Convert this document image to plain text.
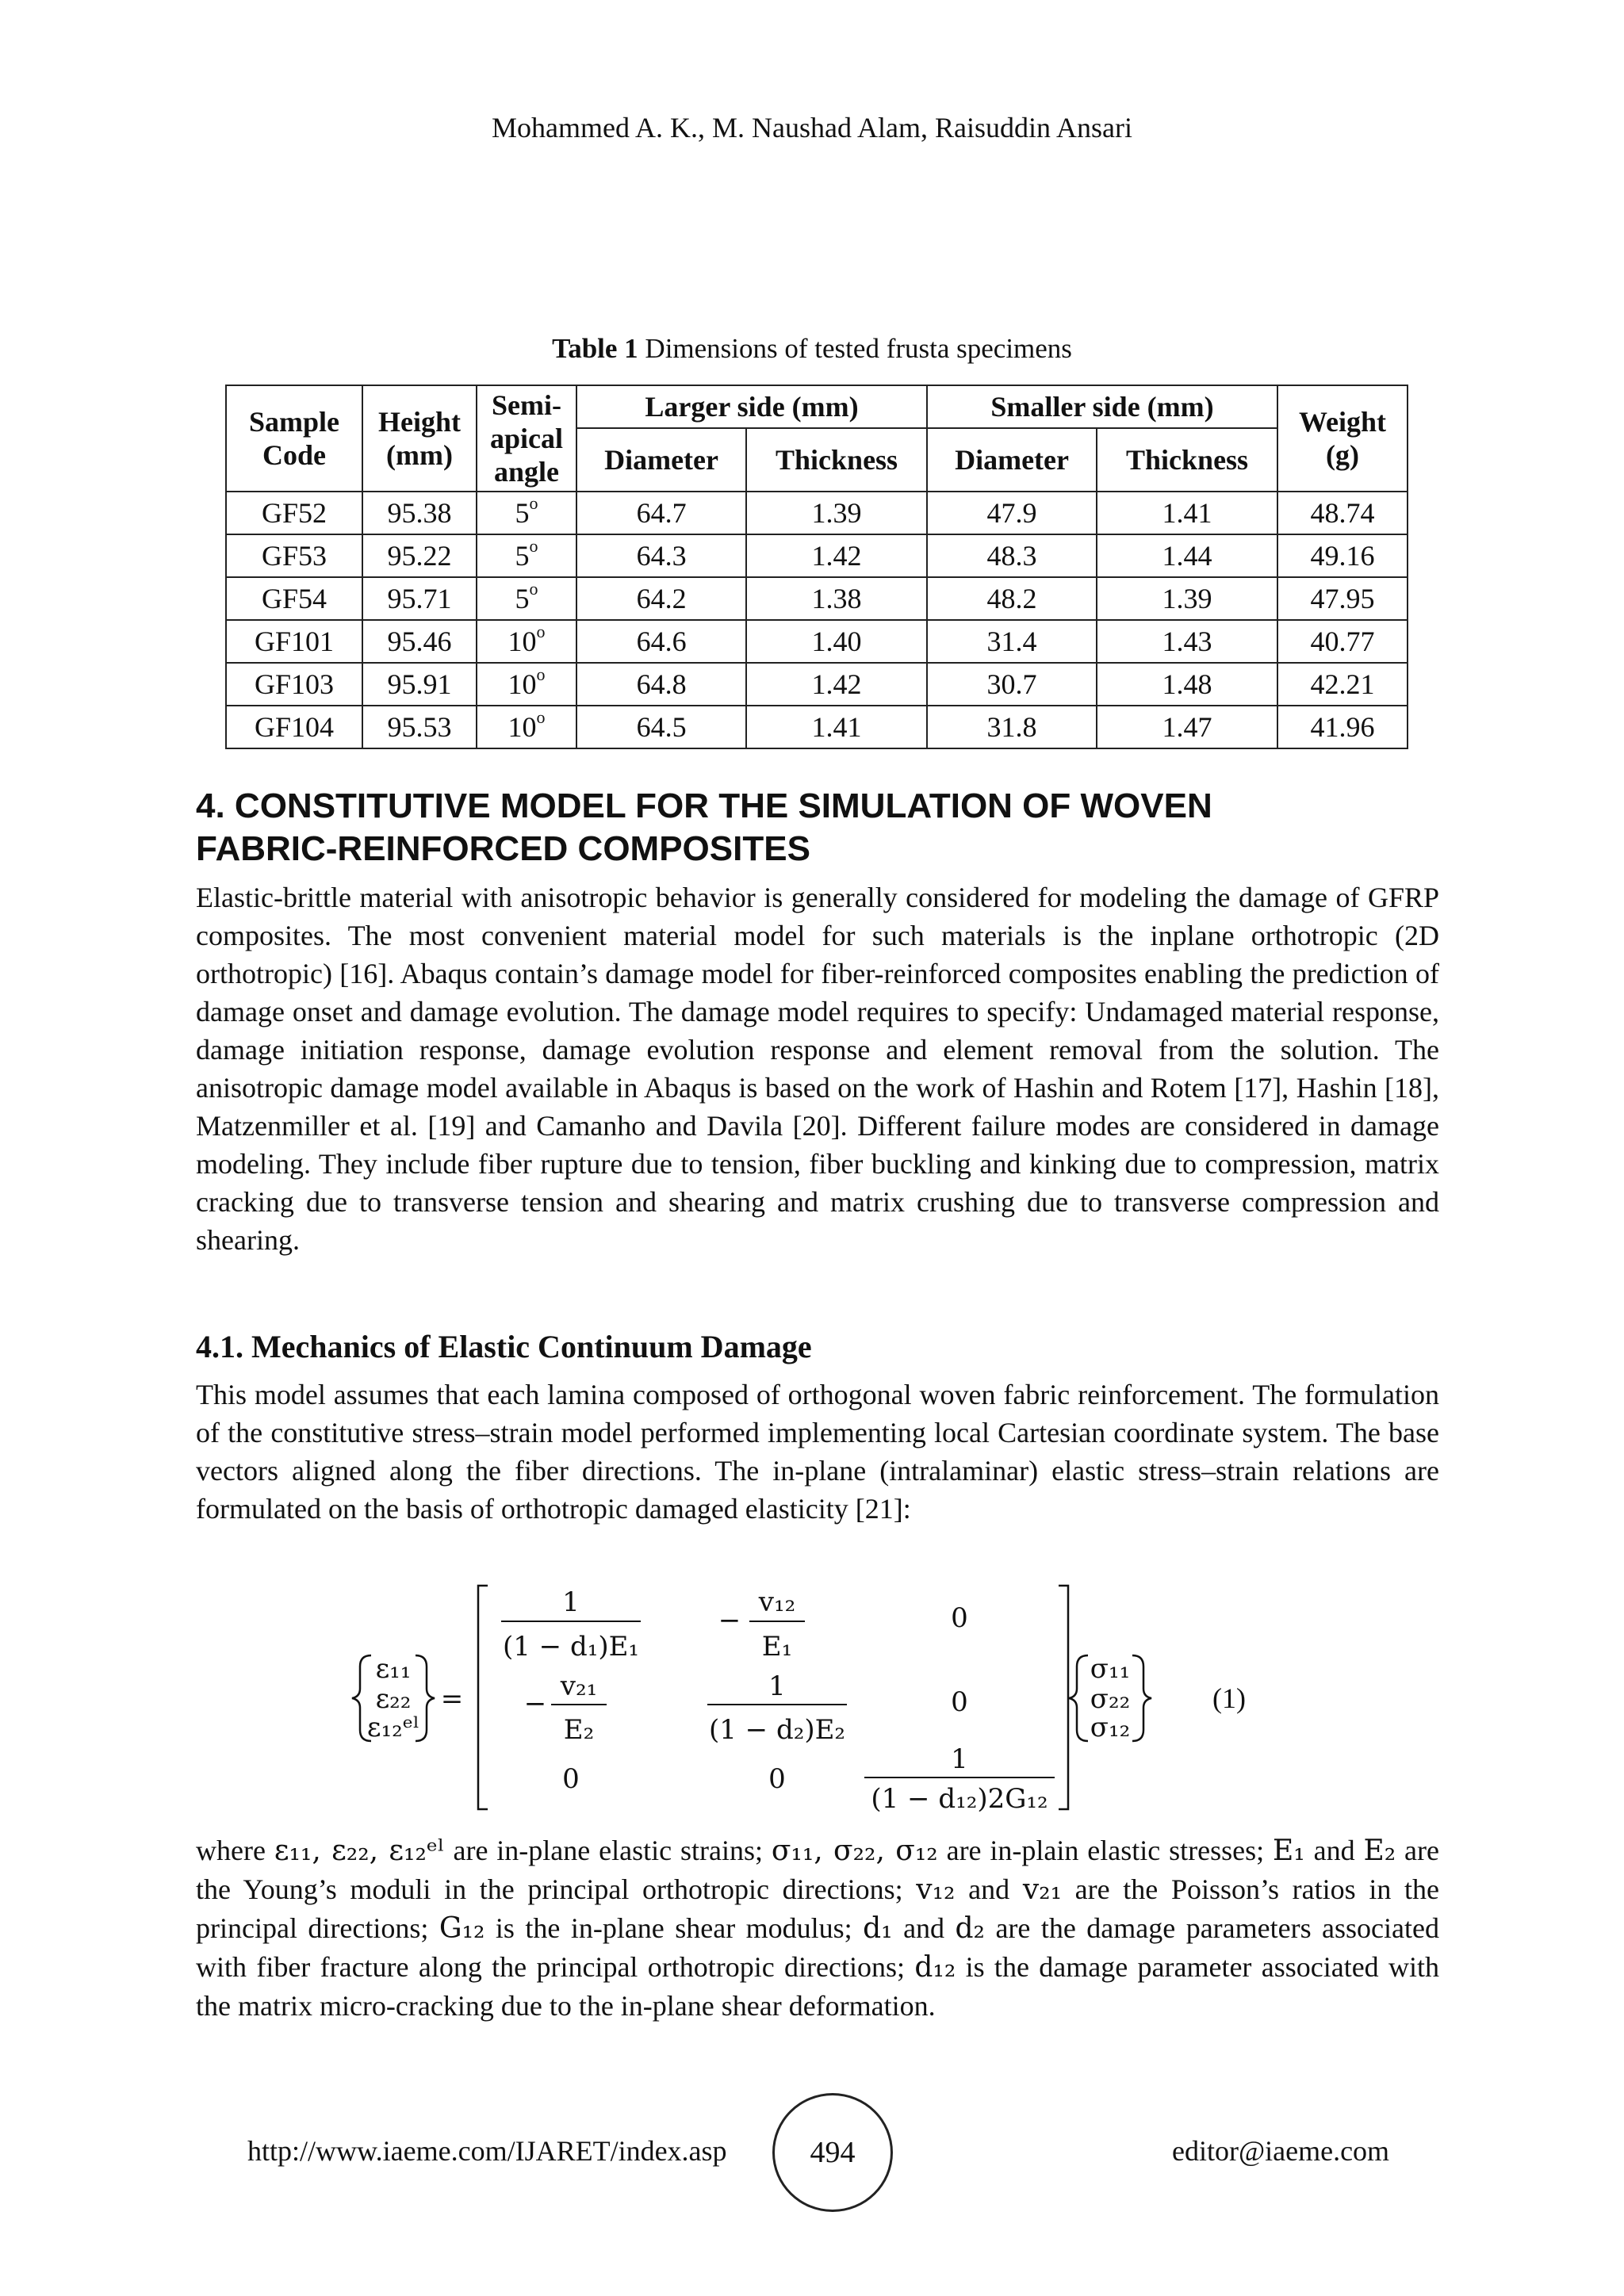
Mohammed A. K., M. Naushad Alam, Raisuddin Ansari
Table 1 Dimensions of tested frusta specimens
Sample Code	Height (mm)	Semi-apical angle	Larger side (mm)		Smaller side (mm)		Weight (g)
			Diameter	Thickness	Diameter	Thickness	
GF52	95.38	5$^o$	64.7	1.39	47.9	1.41	48.74
GF53	95.22	5$^o$	64.3	1.42	48.3	1.44	49.16
GF54	95.71	5$^o$	64.2	1.38	48.2	1.39	47.95
GF101	95.46	10$^o$	64.6	1.40	31.4	1.43	40.77
GF103	95.91	10$^o$	64.8	1.42	30.7	1.48	42.21
GF104	95.53	10$^o$	64.5	1.41	31.8	1.47	41.96
4. CONSTITUTIVE MODEL FOR THE SIMULATION OF WOVEN
FABRIC-REINFORCED COMPOSITES
Elastic-brittle material with anisotropic behavior is generally considered for modeling the damage of GFRP composites. The most convenient material model for such materials is the inplane orthotropic (2D orthotropic) [16]. Abaqus contain’s damage model for fiber-reinforced composites enabling the prediction of damage onset and damage evolution. The damage model requires to specify: Undamaged material response, damage initiation response, damage evolution response and element removal from the solution. The anisotropic damage model available in Abaqus is based on the work of Hashin and Rotem [17], Hashin [18], Matzenmiller et al. [19] and Camanho and Davila [20]. Different failure modes are considered in damage modeling. They include fiber rupture due to tension, fiber buckling and kinking due to compression, matrix cracking due to transverse tension and shearing and matrix crushing due to transverse compression and shearing.
4.1. Mechanics of Elastic Continuum Damage
This model assumes that each lamina composed of orthogonal woven fabric reinforcement. The formulation of the constitutive stress–strain model performed implementing local Cartesian coordinate system. The base vectors aligned along the fiber directions. The in-plane (intralaminar) elastic stress–strain relations are formulated on the basis of orthotropic damaged elasticity [21]:
ε₁₁
ε₂₂
ε₁₂ᵉˡ
=
1
(1 − d₁)E₁
−
v₁₂
E₁
0
−
v₂₁
E₂
1
(1 − d₂)E₂
0
0	0
1
(1 − d₁₂)2G₁₂
σ₁₁
σ₂₂
σ₁₂
(1)
where ε₁₁, ε₂₂, ε₁₂ᵉˡ are in-plane elastic strains; σ₁₁, σ₂₂, σ₁₂ are in-plain elastic stresses; E₁ and E₂ are the Young’s moduli in the principal orthotropic directions; v₁₂ and v₂₁ are the Poisson’s ratios in the principal directions; G₁₂ is the in-plane shear modulus; d₁ and d₂ are the damage parameters associated with fiber fracture along the principal orthotropic directions; d₁₂ is the damage parameter associated with the matrix micro-cracking due to the in-plane shear deformation.
http://www.iaeme.com/IJARET/index.asp	494	editor@iaeme.com
